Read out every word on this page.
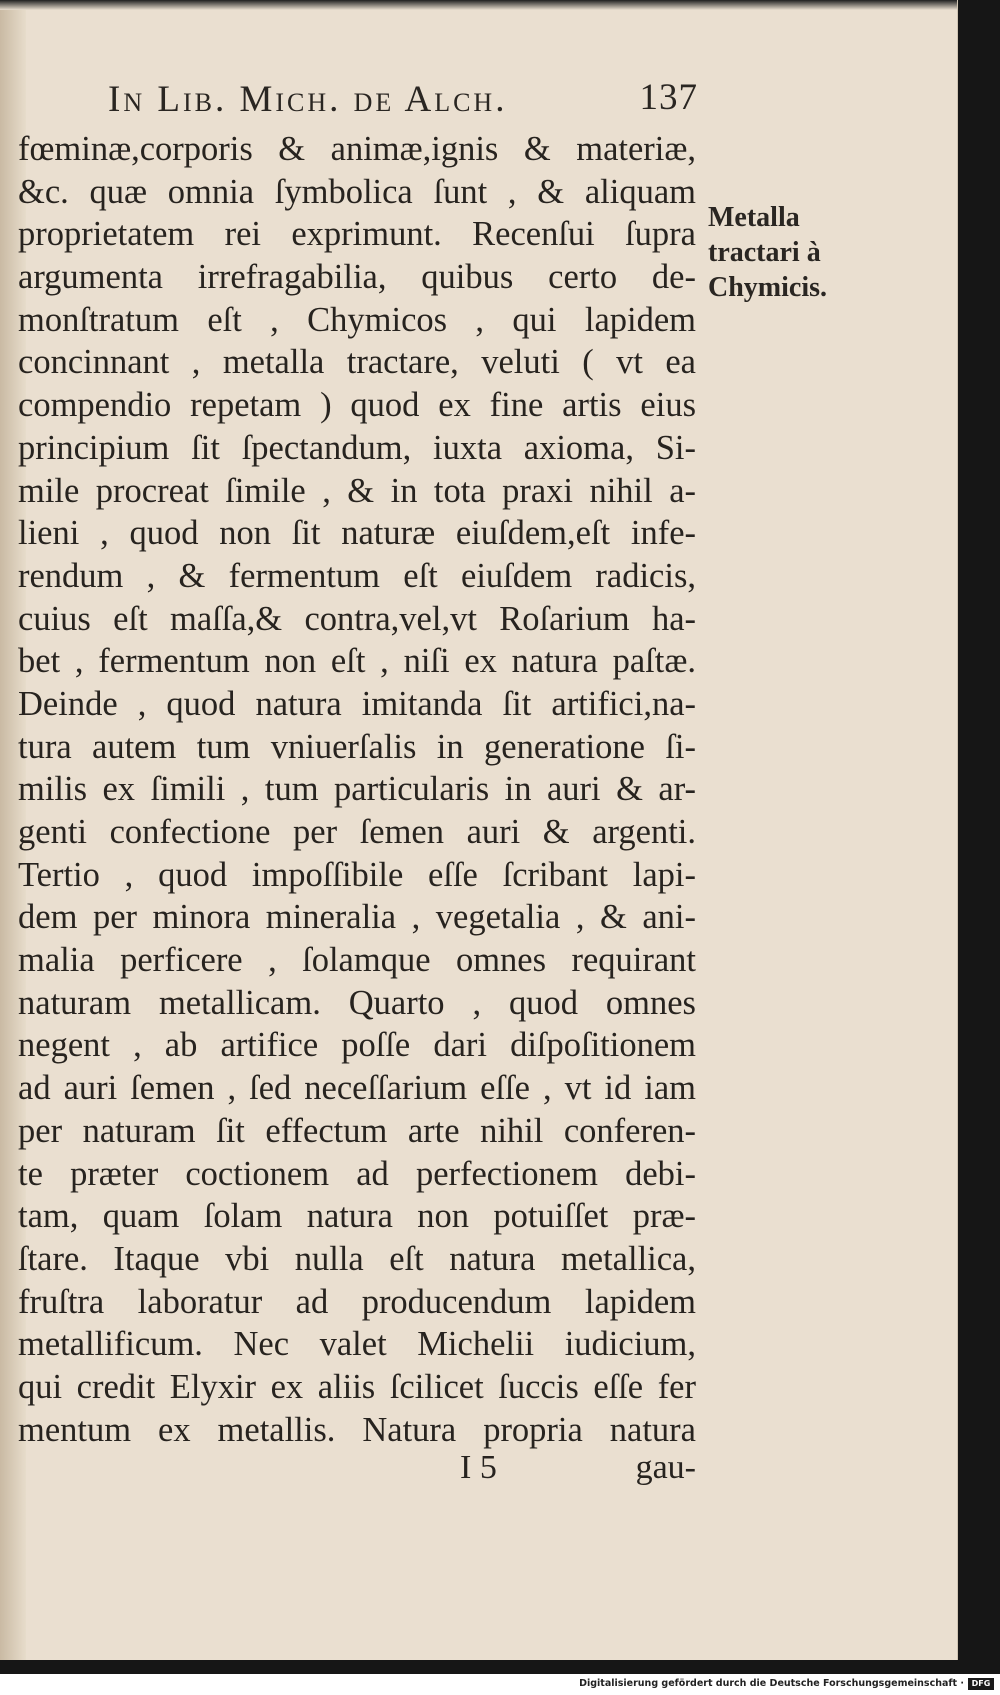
In Lib. Mich. de Alch.	137
fœminæ,corporis & animæ,ignis & materiæ,
&c. quæ omnia ſymbolica ſunt , & aliquam
proprietatem rei exprimunt. Recenſui ſupra
argumenta irrefragabilia, quibus certo de-
monſtratum eſt , Chymicos , qui lapidem
concinnant , metalla tractare, veluti ( vt ea
compendio repetam ) quod ex fine artis eius
principium ſit ſpectandum, iuxta axioma, Si-
mile procreat ſimile , & in tota praxi nihil a-
lieni , quod non ſit naturæ eiuſdem,eſt infe-
rendum , & fermentum eſt eiuſdem radicis,
cuius eſt maſſa,& contra,vel,vt Roſarium ha-
bet , fermentum non eſt , niſi ex natura paſtæ.
Deinde , quod natura imitanda ſit artifici,na-
tura autem tum vniuerſalis in generatione ſi-
milis ex ſimili , tum particularis in auri & ar-
genti confectione per ſemen auri & argenti.
Tertio , quod impoſſibile eſſe ſcribant lapi-
dem per minora mineralia , vegetalia , & ani-
malia perficere , ſolamque omnes requirant
naturam metallicam. Quarto , quod omnes
negent , ab artifice poſſe dari diſpoſitionem
ad auri ſemen , ſed neceſſarium eſſe , vt id iam
per naturam ſit effectum arte nihil conferen-
te præter coctionem ad perfectionem debi-
tam, quam ſolam natura non potuiſſet præ-
ſtare. Itaque vbi nulla eſt natura metallica,
fruſtra laboratur ad producendum lapidem
metallificum. Nec valet Michelii iudicium,
qui credit Elyxir ex aliis ſcilicet ſuccis eſſe fer
mentum ex metallis. Natura propria natura
Metalla
tractari à
Chymicis.
I 5	gau-
Digitalisierung gefördert durch die Deutsche Forschungsgemeinschaft · DFG
